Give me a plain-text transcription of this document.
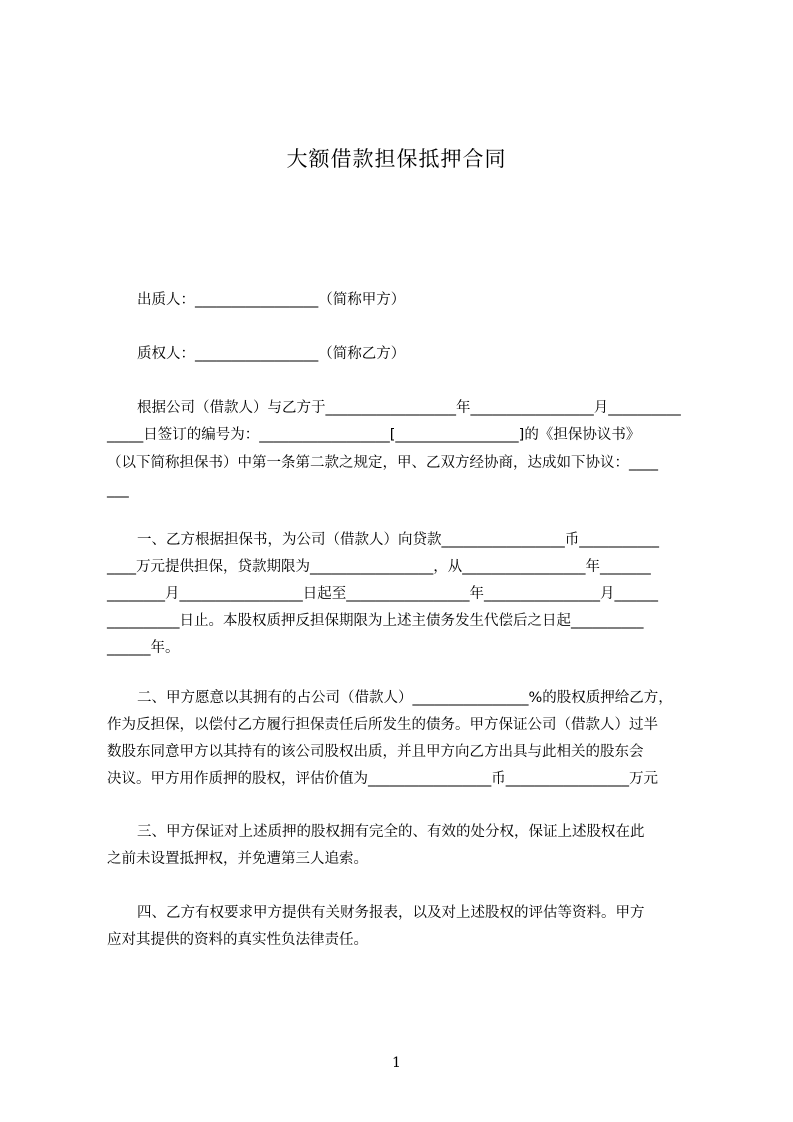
大额借款担保抵押合同
出质人：_________________（简称甲方）
质权人：_________________（简称乙方）
根据公司（借款人）与乙方于__________________年_________________月__________
_____日签订的编号为：__________________[_________________]的《担保协议书》
（以下简称担保书）中第一条第二款之规定，甲、乙双方经协商，达成如下协议：____
___
一、乙方根据担保书，为公司（借款人）向贷款_________________币___________
____万元提供担保，贷款期限为_________________，从_________________年_______
________月_________________日起至_________________年________________月______
__________日止。本股权质押反担保期限为上述主债务发生代偿后之日起__________
______年。
二、甲方愿意以其拥有的占公司（借款人）________________%的股权质押给乙方，
作为反担保，以偿付乙方履行担保责任后所发生的债务。甲方保证公司（借款人）过半
数股东同意甲方以其持有的该公司股权出质，并且甲方向乙方出具与此相关的股东会
决议。甲方用作质押的股权，评估价值为_________________币_________________万元
三、甲方保证对上述质押的股权拥有完全的、有效的处分权，保证上述股权在此
之前未设置抵押权，并免遭第三人追索。
四、乙方有权要求甲方提供有关财务报表，以及对上述股权的评估等资料。甲方
应对其提供的资料的真实性负法律责任。
1
